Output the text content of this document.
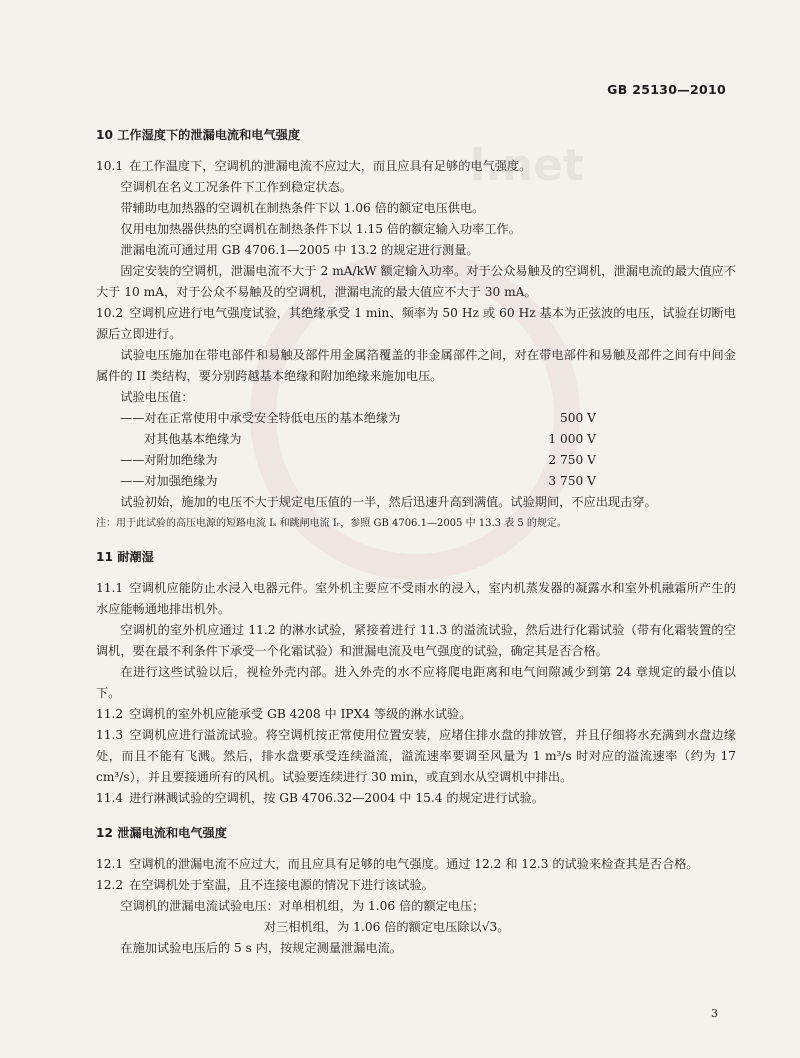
l.net
GB 25130—2010

10 工作湿度下的泄漏电流和电气强度

10.1 在工作温度下，空调机的泄漏电流不应过大，而且应具有足够的电气强度。

空调机在名义工况条件下工作到稳定状态。

带辅助电加热器的空调机在制热条件下以 1.06 倍的额定电压供电。

仅用电加热器供热的空调机在制热条件下以 1.15 倍的额定输入功率工作。

泄漏电流可通过用 GB 4706.1—2005 中 13.2 的规定进行测量。

固定安装的空调机，泄漏电流不大于 2 mA/kW 额定输入功率。对于公众易触及的空调机，泄漏电流的最大值应不大于 10 mA，对于公众不易触及的空调机，泄漏电流的最大值应不大于 30 mA。

10.2 空调机应进行电气强度试验，其绝缘承受 1 min、频率为 50 Hz 或 60 Hz 基本为正弦波的电压，试验在切断电源后立即进行。

试验电压施加在带电部件和易触及部件用金属箔覆盖的非金属部件之间，对在带电部件和易触及部件之间有中间金属件的 II 类结构，要分别跨越基本绝缘和附加绝缘来施加电压。

试验电压值：

——对在正常使用中承受安全特低电压的基本绝缘为	500 V
对其他基本绝缘为	1 000 V
——对附加绝缘为	2 750 V
——对加强绝缘为	3 750 V

试验初始，施加的电压不大于规定电压值的一半，然后迅速升高到满值。试验期间，不应出现击穿。

注：用于此试验的高压电源的短路电流 Iₛ 和跳闸电流 Iᵣ，参照 GB 4706.1—2005 中 13.3 表 5 的规定。

11 耐潮湿

11.1 空调机应能防止水浸入电器元件。室外机主要应不受雨水的浸入，室内机蒸发器的凝露水和室外机融霜所产生的水应能畅通地排出机外。

空调机的室外机应通过 11.2 的淋水试验，紧接着进行 11.3 的溢流试验，然后进行化霜试验（带有化霜装置的空调机，要在最不利条件下承受一个化霜试验）和泄漏电流及电气强度的试验，确定其是否合格。

在进行这些试验以后，视检外壳内部。进入外壳的水不应将爬电距离和电气间隙减少到第 24 章规定的最小值以下。

11.2 空调机的室外机应能承受 GB 4208 中 IPX4 等级的淋水试验。

11.3 空调机应进行溢流试验。将空调机按正常使用位置安装，应堵住排水盘的排放管，并且仔细将水充满到水盘边缘处，而且不能有飞溅。然后，排水盘要承受连续溢流，溢流速率要调至风量为 1 m³/s 时对应的溢流速率（约为 17 cm³/s），并且要接通所有的风机。试验要连续进行 30 min，或直到水从空调机中排出。

11.4 进行淋溅试验的空调机，按 GB 4706.32—2004 中 15.4 的规定进行试验。

12 泄漏电流和电气强度

12.1 空调机的泄漏电流不应过大，而且应具有足够的电气强度。通过 12.2 和 12.3 的试验来检查其是否合格。

12.2 在空调机处于室温，且不连接电源的情况下进行该试验。

空调机的泄漏电流试验电压：对单相机组，为 1.06 倍的额定电压；

对三相机组，为 1.06 倍的额定电压除以√3。

在施加试验电压后的 5 s 内，按规定测量泄漏电流。

3
